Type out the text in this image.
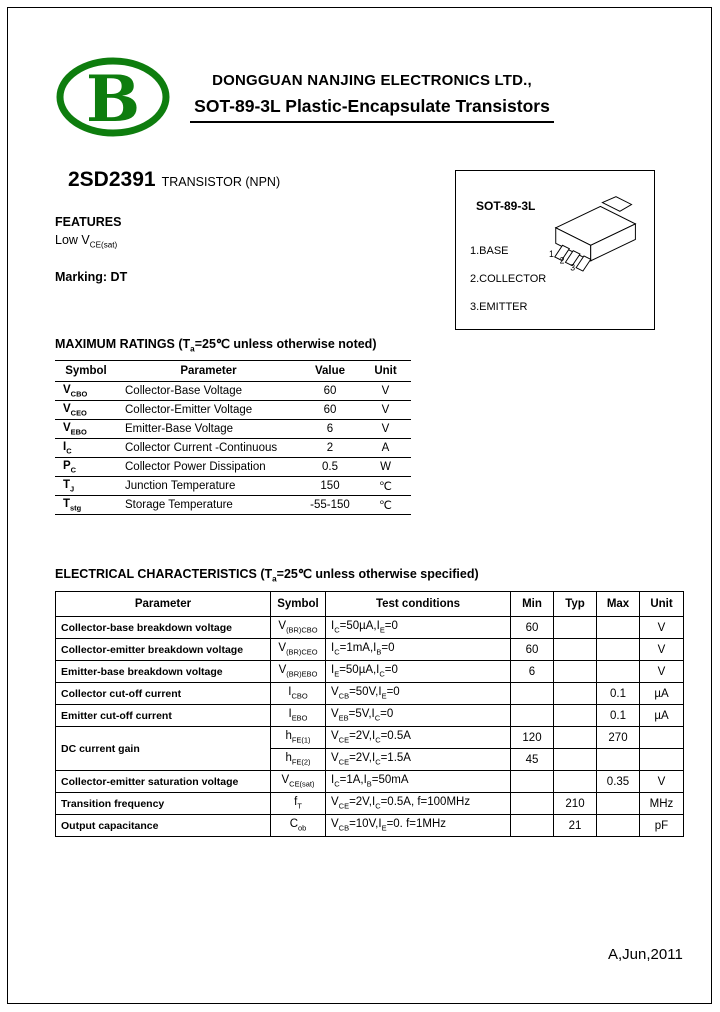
B	DONGGUAN NANJING ELECTRONICS LTD.,
SOT-89-3L Plastic-Encapsulate Transistors
2SD2391 TRANSISTOR (NPN)
FEATURES
Low $V_{CE(sat)}$
Marking: DT
SOT-89-3L
1
2
3
1.BASE
2.COLLECTOR
3.EMITTER
MAXIMUM RATINGS ($T_a=25℃$ unless otherwise noted)
Symbol	Parameter	Value	Unit
$V_{CBO}$	Collector-Base Voltage	60	V
$V_{CEO}$	Collector-Emitter Voltage	60	V
$V_{EBO}$	Emitter-Base Voltage	6	V
$I_C$	Collector Current -Continuous	2	A
$P_C$	Collector Power Dissipation	0.5	W
$T_J$	Junction Temperature	150	℃
$T_{stg}$	Storage Temperature	-55-150	℃
ELECTRICAL CHARACTERISTICS ($T_a=25℃$ unless otherwise specified)
Parameter	Symbol	Test conditions	Min	Typ	Max	Unit
Collector-base breakdown voltage	$V_{(BR)CBO}$	$I_C=50\mu A,I_E=0$	60			V
Collector-emitter breakdown voltage	$V_{(BR)CEO}$	$I_C=1mA,I_B=0$	60			V
Emitter-base breakdown voltage	$V_{(BR)EBO}$	$I_E=50\mu A,I_C=0$	6			V
Collector cut-off current	$I_{CBO}$	$V_{CB}=50V,I_E=0$			0.1	µA
Emitter cut-off current	$I_{EBO}$	$V_{EB}=5V,I_C=0$			0.1	µA
DC current gain	$h_{FE(1)}$	$V_{CE}=2V,I_C=0.5A$	120		270	
	$h_{FE(2)}$	$V_{CE}=2V,I_C=1.5A$	45			
Collector-emitter saturation voltage	$V_{CE(sat)}$	$I_C=1A,I_B=50mA$			0.35	V
Transition frequency	$f_T$	$V_{CE}=2V,I_C=0.5A$, f=100MHz		210		MHz
Output capacitance	$C_{ob}$	$V_{CB}=10V,I_E=0$. f=1MHz		21		pF
A,Jun,2011
